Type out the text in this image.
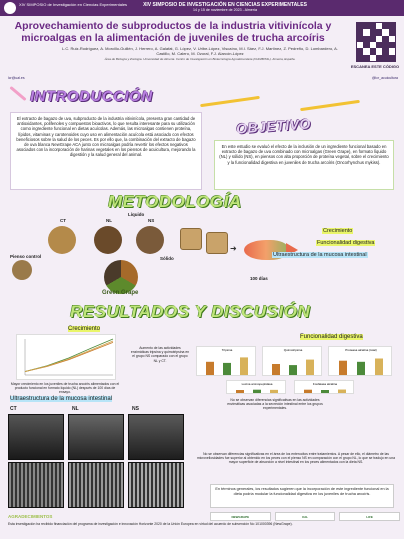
XIV SIMPOSIO de Investigación en Ciencias Experimentales	XIV SIMPOSIO DE INVESTIGACIÓN EN CIENCIAS EXPERIMENTALES
14 y 15 de noviembre de 2023 - Almería
Aprovechamiento de subproductos de la industria vitivinícola y microalgas en la alimentación de juveniles de trucha arcoíris
ESCANEA ESTE CÓDIGO
L.C. Ruiz-Rodríguez, A. Morcillo-Guillén, J. Herrero, A. Galafat, G. López, V. Uribe-López, Viscaíno, M.I. Sáez, F.J. Martínez, Z. Pedreño, D. Lombardero, A. Castillo, M. Calero, M. Ozoral, F.J. Alarcón-López
Área de Biología y Zoología. Universidad de Almería. Centro de Investigación en Biotecnología Agroalimentaria (CIAMBITAL). Almería, España.
lcr@ual.es	@lcr_acuicultura
INTRODUCCIÓN
El extracto de bagazo de uva, subproducto de la industria vitivinícola, presenta gran cantidad de antioxidantes, polifenoles y compuestos bioactivos, lo que resulta interesante para su utilización como ingrediente funcional en dietas acuícolas. Además, las microalgas contienen proteína, lípidos, vitaminas y carotenoides cuyo uso en alimentación acuícola está asociado con efectos beneficiosos sobre la salud de los peces. Es por ello que, la combinación del extracto de bagazo de uva blanca NewGrape ACA junto con microalgas podría revertir los efectos negativos asociados con la incorporación de harinas vegetales en los piensos de acuicultura, mejorando la digestión y la salud general del animal.
OBJETIVO
En este estudio se evaluó el efecto de la inclusión de un ingrediente funcional basado en extracto de bagazo de uva combinado con microalgas (Green Grape), en formato líquido (NL) y sólido (NS), en piensos con alta proporción de proteína vegetal, sobre el crecimiento y la funcionalidad digestiva en juveniles de trucha arcoíris (Oncorhynchus mykiss).
METODOLOGÍA
Pienso control
CT	NL	NS
Líquido
Sólido
Green Grape
➜
100 días
Crecimiento
Funcionalidad digestiva
Ultraestructura de la mucosa intestinal
RESULTADOS Y DISCUSIÓN
Crecimiento
Funcionalidad digestiva
Mayor crecimiento en los juveniles de trucha arcoíris alimentados con el producto funcional en formato líquido (NL) después de 100 días de ensayo.
Aumento de las actividades enzimáticas tripsina y quimotripsina en el grupo NS comparado con el grupo NL y CT.
Tripsina	Quimotripsina	Proteasa alcalina (total)
Lucina aminopeptidasa	Fosfatasa alcalina
No se observan diferencias significativas en las actividades enzimáticas asociadas a la secreción intestinal entre los grupos experimentales.
Ultraestructura de la mucosa intestinal
CT	NL	NS
No se observan diferencias significativas en el área de los enterocitos entre tratamientos. A pesar de ello, el diámetro de las microvellosidades fue superior al obtenido en los peces con el pienso NS en comparación con el grupo NL, lo que se tradujo en una mayor superficie de absorción a nivel intestinal en los peces alimentados con la dieta NS.
En términos generales, los resultados sugieren que la incorporación de este ingrediente funcional en la dieta podría modular la funcionalidad digestiva en los juveniles de trucha arcoíris.
AGRADECIMIENTOS	NEWGRAPE	UAL	LIFE
Esta investigación ha recibido financiación del programa de investigación e innovación Horizonte 2020 de la Unión Europea en virtud del acuerdo de subvención No 101000396 (NewGrape).
